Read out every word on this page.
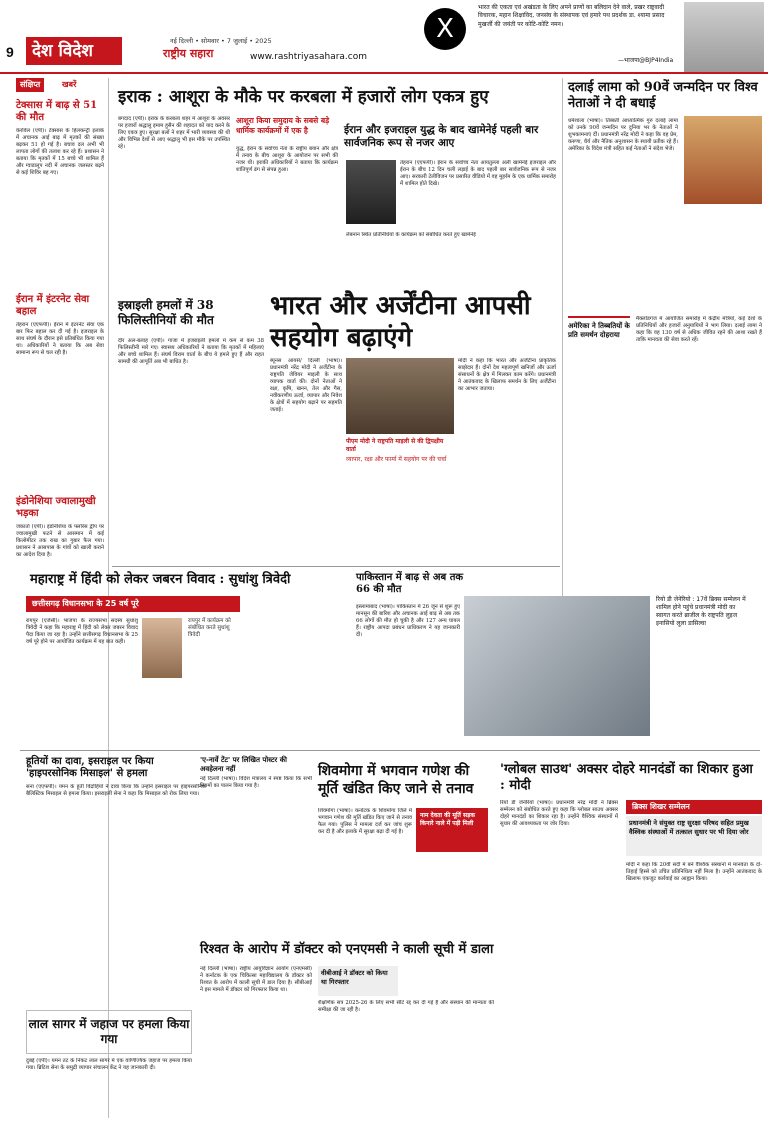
9	देश विदेश	नई दिल्ली • सोमवार • 7 जुलाई • 2025
राष्ट्रीय सहारा	www.rashtriyasahara.com
X
भारत की एकता एवं अखंडता के लिए अपने प्राणों का बलिदान देने वाले, प्रखर राष्ट्रवादी विचारक, महान शिक्षाविद, जनसंघ के संस्थापक एवं हमारे पथ प्रदर्शक डा. श्यामा प्रसाद मुखर्जी की जयंती पर कोटि-कोटि नमन।
—भाजपा@BJP4India
संक्षिप्त	खबरें
टेक्सास में बाढ़ से 51 की मौत
केरविल (एपी)। टेक्सास के हिलकन्ट्री इलाके में अचानक आई बाढ़ में मृतकों की संख्या बढ़कर 51 हो गई है। बचाव दल अभी भी लापता लोगों की तलाश कर रहे हैं। प्रशासन ने बताया कि मृतकों में 15 बच्चे भी शामिल हैं और ग्वाडालूप नदी में अचानक जलस्तर बढ़ने से कई शिविर बह गए।
ईरान में इंटरनेट सेवा बहाल
तेहरान (एएफपी)। ईरान में इंटरनेट सेवा एक बार फिर बहाल कर दी गई है। इजराइल के साथ संघर्ष के दौरान इसे प्रतिबंधित किया गया था। अधिकारियों ने बताया कि अब सेवा सामान्य रूप से चल रही है।
इंडोनेशिया ज्वालामुखी भड़का
जकार्ता (एपी)। इंडोनेशिया के फ्लोरेस द्वीप पर ज्वालामुखी फटने से आसमान में कई किलोमीटर तक राख का गुबार फैल गया। प्रशासन ने आसपास के गांवों को खाली कराने का आदेश दिया है।
इराक : आशूरा के मौके पर करबला में हजारों लोग एकत्र हुए
बगदाद (एपी)। इराक के करबला शहर में आशूरा के अवसर पर हजारों श्रद्धालु इमाम हुसैन की शहादत को याद करने के लिए एकत्र हुए। सुरक्षा बलों ने शहर में भारी व्यवस्था की थी और विभिन्न देशों से आए श्रद्धालु भी इस मौके पर उपस्थित रहे।
आशूरा किया समुदाय के सबसे बड़े धार्मिक कार्यक्रमों में एक है
युद्ध, ईरान के सर्वोच्च नेता के राष्ट्रीय बयान और क्षेत्र में तनाव के बीच आशूरा के आयोजन पर सभी की नजर थी। इराकी अधिकारियों ने बताया कि कार्यक्रम शांतिपूर्ण ढंग से संपन्न हुआ।
ईरान और इजराइल युद्ध के बाद खामेनेई पहली बार सार्वजनिक रूप से नजर आए
तेहरान (एएफपी)। ईरान के सर्वोच्च नेता आयतुल्ला अली खामेनेई इजराइल और ईरान के बीच 12 दिन चली लड़ाई के बाद पहली बार सार्वजनिक रूप से नजर आए। सरकारी टेलीविजन पर प्रसारित वीडियो में वह मुहर्रम के एक धार्मिक समारोह में शामिल होते दिखे।
लेबनान स्थित प्रतिनिधियों के कार्यक्रम को संबोधित करते हुए खामेनेई
दलाई लामा को 90वें जन्मदिन पर विश्व नेताओं ने दी बधाई
धर्मशाला (भाषा)। तिब्बती आध्यात्मिक गुरु दलाई लामा को उनके 90वें जन्मदिन पर दुनिया भर के नेताओं ने शुभकामनाएं दीं। प्रधानमंत्री नरेंद्र मोदी ने कहा कि वह प्रेम, करुणा, धैर्य और नैतिक अनुशासन के स्थायी प्रतीक रहे हैं। अमेरिका के विदेश मंत्री सहित कई नेताओं ने संदेश भेजे।
अमेरिका ने तिब्बतियों के प्रति समर्थन दोहराया
मैक्लोडगंज में आयोजित समारोह में केंद्रीय मंत्रियों, कई देशों के प्रतिनिधियों और हजारों अनुयायियों ने भाग लिया। दलाई लामा ने कहा कि वह 130 वर्ष से अधिक जीवित रहने की आशा रखते हैं ताकि मानवता की सेवा करते रहें।
इस्राइली हमलों में 38 फिलिस्तीनियों की मौत
दीर अल-बलाह (एपी)। गाजा में इजराइली हमलों में कम से कम 38 फिलिस्तीनी मारे गए। स्वास्थ्य अधिकारियों ने बताया कि मृतकों में महिलाएं और बच्चे शामिल हैं। संघर्ष विराम वार्ता के बीच ये हमले हुए हैं और राहत सामग्री की आपूर्ति अब भी बाधित है।
भारत और अर्जेंटीना आपसी सहयोग बढ़ाएंगे
ब्यूनस आयर्स/ दिल्ली (भाषा)। प्रधानमंत्री नरेंद्र मोदी ने अर्जेंटीना के राष्ट्रपति जेवियर माइली के साथ व्यापक वार्ता की। दोनों नेताओं ने रक्षा, कृषि, खनन, तेल और गैस, नवीकरणीय ऊर्जा, व्यापार और निवेश के क्षेत्रों में सहयोग बढ़ाने पर सहमति जताई।
पीएम मोदी ने राष्ट्रपति माइली से की द्विपक्षीय वार्ता
व्यापार, रक्षा और फार्मा में सहयोग पर की चर्चा
मोदी ने कहा कि भारत और अर्जेंटीना प्राकृतिक साझेदार हैं। दोनों देश महत्वपूर्ण खनिजों और ऊर्जा संसाधनों के क्षेत्र में मिलकर काम करेंगे। प्रधानमंत्री ने आतंकवाद के खिलाफ समर्थन के लिए अर्जेंटीना का आभार जताया।
महाराष्ट्र में हिंदी को लेकर जबरन विवाद : सुधांशु त्रिवेदी
छत्तीसगढ़ विधानसभा के 25 वर्ष पूरे
रायपुर (एजेंसी)। भाजपा के राज्यसभा सदस्य सुधांशु त्रिवेदी ने कहा कि महाराष्ट्र में हिंदी को लेकर जबरन विवाद पैदा किया जा रहा है। उन्होंने छत्तीसगढ़ विधानसभा के 25 वर्ष पूरे होने पर आयोजित कार्यक्रम में यह बात कही।
रायपुर में कार्यक्रम को संबोधित करते सुधांशु त्रिवेदी
पाकिस्तान में बाढ़ से अब तक 66 की मौत
इस्लामाबाद (भाषा)। पाकिस्तान में 26 जून से शुरू हुए मानसून की बारिश और अचानक आई बाढ़ से अब तक 66 लोगों की मौत हो चुकी है और 127 अन्य घायल हैं। राष्ट्रीय आपदा प्रबंधन प्राधिकरण ने यह जानकारी दी।
रियो डी जेनेरियो : 17वें ब्रिक्स सम्मेलन में शामिल होने पहुंचे प्रधानमंत्री मोदी का स्वागत करते ब्राजील के राष्ट्रपति लुइज इनासियो लूला डासिल्वा
हूतियों का दावा, इसराइल पर किया 'हाइपरसोनिक मिसाइल' से हमला
सना (एएफपी)। यमन के हूती विद्रोहियों ने दावा किया कि उन्होंने इसराइल पर हाइपरसोनिक बैलिस्टिक मिसाइल से हमला किया। इसराइली सेना ने कहा कि मिसाइल को रोक लिया गया।
'ए-नार्वे टेंट' पर लिखित पोस्टर की अवहेलना नहीं
नई दिल्ली (भाषा)। विदेश मंत्रालय ने स्पष्ट किया कि सभी नियमों का पालन किया गया है।
शिवमोगा में भगवान गणेश की मूर्ति खंडित किए जाने से तनाव
नाम देवता की मूर्ति सड़क किनारे नाले में पड़ी मिली
शिवमोगा (भाषा)। कर्नाटक के शिवमोगा जिले में भगवान गणेश की मूर्ति खंडित किए जाने से तनाव फैल गया। पुलिस ने मामला दर्ज कर जांच शुरू कर दी है और इलाके में सुरक्षा बढ़ा दी गई है।
'ग्लोबल साउथ' अक्सर दोहरे मानदंडों का शिकार हुआ : मोदी
रियो डी जेनेरियो (भाषा)। प्रधानमंत्री नरेंद्र मोदी ने ब्रिक्स सम्मेलन को संबोधित करते हुए कहा कि ग्लोबल साउथ अक्सर दोहरे मानदंडों का शिकार रहा है। उन्होंने वैश्विक संस्थानों में सुधार की आवश्यकता पर जोर दिया।
ब्रिक्स शिखर सम्मेलन
प्रधानमंत्री ने संयुक्त राष्ट्र सुरक्षा परिषद सहित प्रमुख वैश्विक संस्थाओं में तत्काल सुधार पर भी दिया जोर
मोदी ने कहा कि 20वीं सदी में बने वैश्विक संस्थानों में मानवता के दो-तिहाई हिस्से को उचित प्रतिनिधित्व नहीं मिला है। उन्होंने आतंकवाद के खिलाफ एकजुट कार्रवाई का आह्वान किया।
रिश्वत के आरोप में डॉक्टर को एनएमसी ने काली सूची में डाला
नई दिल्ली (भाषा)। राष्ट्रीय आयुर्विज्ञान आयोग (एनएमसी) ने कर्नाटक के एक चिकित्सा महाविद्यालय के डॉक्टर को रिश्वत के आरोप में काली सूची में डाल दिया है। सीबीआई ने इस मामले में डॉक्टर को गिरफ्तार किया था।
वीबीआई ने डॉक्टर को किया था गिरफ्तार
शैक्षणिक सत्र 2025-26 के लिए सभी सीटें रद्द कर दी गई हैं और संस्थान की मान्यता की समीक्षा की जा रही है।
लाल सागर में जहाज पर हमला किया गया
दुबई (एपी)। यमन तट के निकट लाल सागर में एक वाणिज्यिक जहाज पर हमला किया गया। ब्रिटिश सेना के समुद्री व्यापार संचालन केंद्र ने यह जानकारी दी।
